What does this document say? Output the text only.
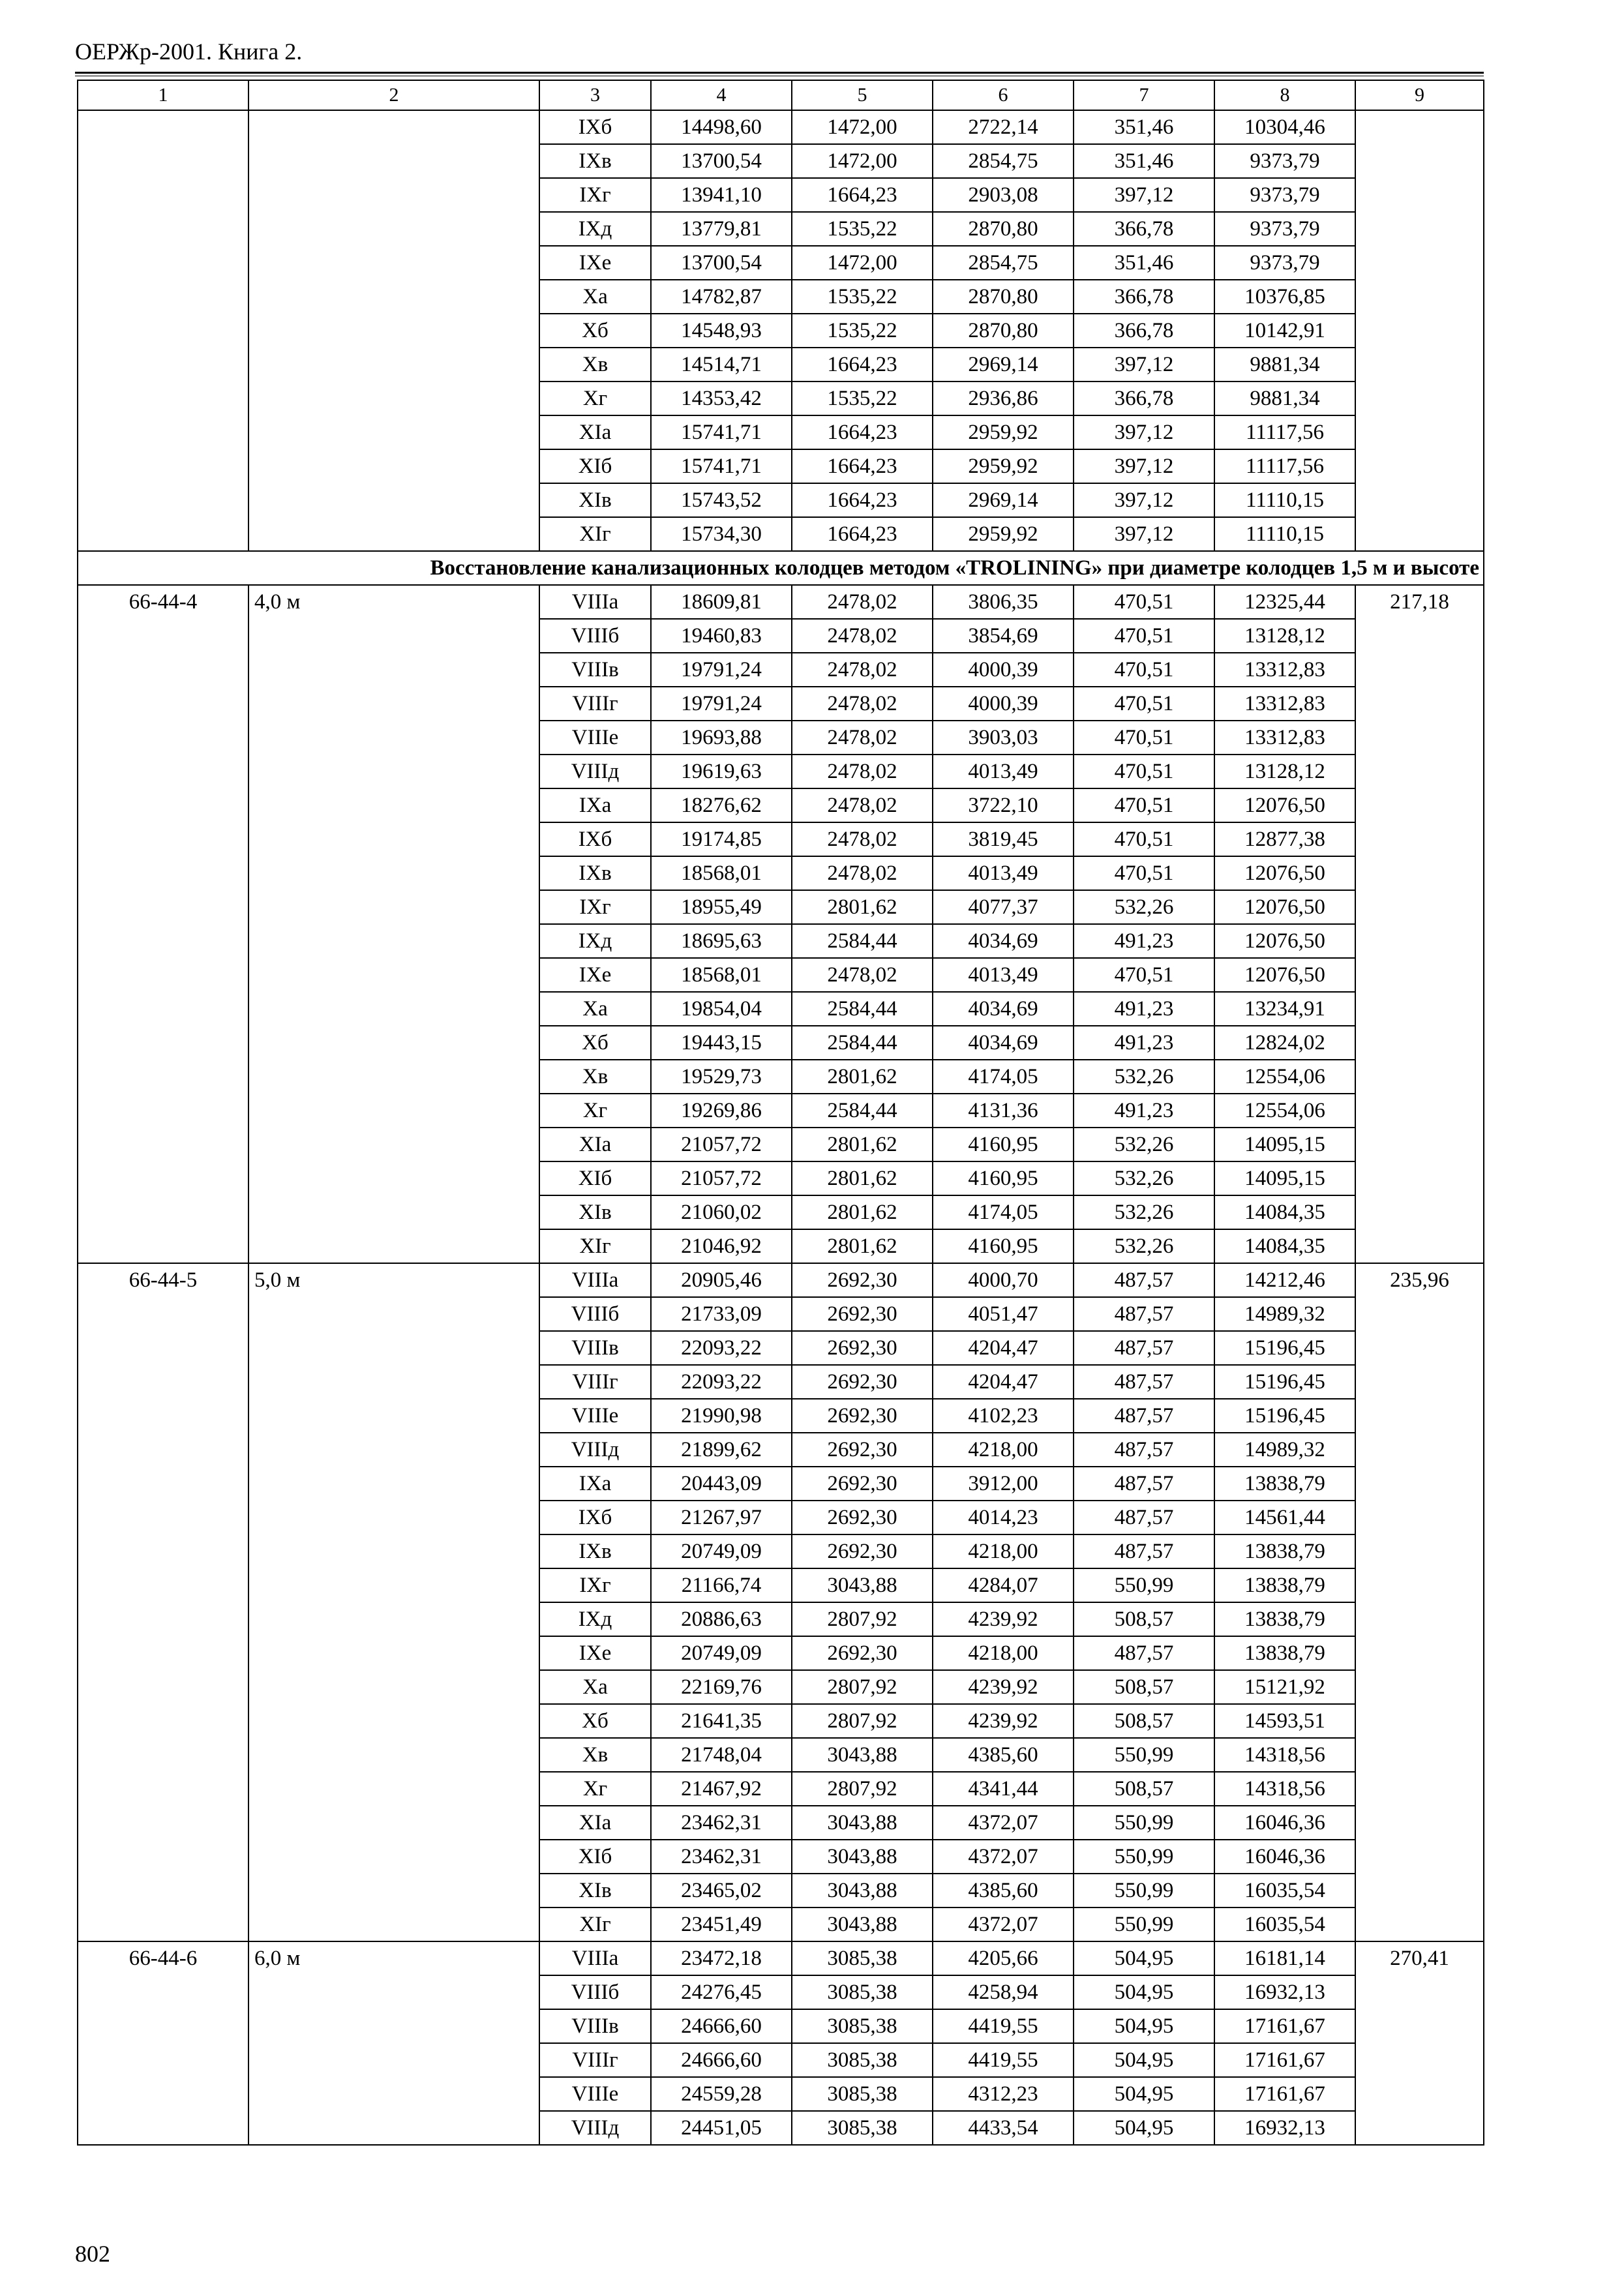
ОЕРЖр-2001. Книга 2.
1	2	3	4	5	6	7	8	9
		IХб	14498,60	1472,00	2722,14	351,46	10304,46	
		IХв	13700,54	1472,00	2854,75	351,46	9373,79	
		IХг	13941,10	1664,23	2903,08	397,12	9373,79	
		IХд	13779,81	1535,22	2870,80	366,78	9373,79	
		IХе	13700,54	1472,00	2854,75	351,46	9373,79	
		Ха	14782,87	1535,22	2870,80	366,78	10376,85	
		Хб	14548,93	1535,22	2870,80	366,78	10142,91	
		Хв	14514,71	1664,23	2969,14	397,12	9881,34	
		Хг	14353,42	1535,22	2936,86	366,78	9881,34	
		ХIа	15741,71	1664,23	2959,92	397,12	11117,56	
		ХIб	15741,71	1664,23	2959,92	397,12	11117,56	
		ХIв	15743,52	1664,23	2969,14	397,12	11110,15	
		ХIг	15734,30	1664,23	2959,92	397,12	11110,15	
Восстановление канализационных колодцев методом «TROLINING» при диаметре колодцев 1,5 м и высоте								
66-44-4	4,0 м	VIIIа	18609,81	2478,02	3806,35	470,51	12325,44	217,18
		VIIIб	19460,83	2478,02	3854,69	470,51	13128,12	
		VIIIв	19791,24	2478,02	4000,39	470,51	13312,83	
		VIIIг	19791,24	2478,02	4000,39	470,51	13312,83	
		VIIIе	19693,88	2478,02	3903,03	470,51	13312,83	
		VIIIд	19619,63	2478,02	4013,49	470,51	13128,12	
		IХа	18276,62	2478,02	3722,10	470,51	12076,50	
		IХб	19174,85	2478,02	3819,45	470,51	12877,38	
		IХв	18568,01	2478,02	4013,49	470,51	12076,50	
		IХг	18955,49	2801,62	4077,37	532,26	12076,50	
		IХд	18695,63	2584,44	4034,69	491,23	12076,50	
		IХе	18568,01	2478,02	4013,49	470,51	12076,50	
		Ха	19854,04	2584,44	4034,69	491,23	13234,91	
		Хб	19443,15	2584,44	4034,69	491,23	12824,02	
		Хв	19529,73	2801,62	4174,05	532,26	12554,06	
		Хг	19269,86	2584,44	4131,36	491,23	12554,06	
		ХIа	21057,72	2801,62	4160,95	532,26	14095,15	
		ХIб	21057,72	2801,62	4160,95	532,26	14095,15	
		ХIв	21060,02	2801,62	4174,05	532,26	14084,35	
		ХIг	21046,92	2801,62	4160,95	532,26	14084,35	
66-44-5	5,0 м	VIIIа	20905,46	2692,30	4000,70	487,57	14212,46	235,96
		VIIIб	21733,09	2692,30	4051,47	487,57	14989,32	
		VIIIв	22093,22	2692,30	4204,47	487,57	15196,45	
		VIIIг	22093,22	2692,30	4204,47	487,57	15196,45	
		VIIIе	21990,98	2692,30	4102,23	487,57	15196,45	
		VIIIд	21899,62	2692,30	4218,00	487,57	14989,32	
		IХа	20443,09	2692,30	3912,00	487,57	13838,79	
		IХб	21267,97	2692,30	4014,23	487,57	14561,44	
		IХв	20749,09	2692,30	4218,00	487,57	13838,79	
		IХг	21166,74	3043,88	4284,07	550,99	13838,79	
		IХд	20886,63	2807,92	4239,92	508,57	13838,79	
		IХе	20749,09	2692,30	4218,00	487,57	13838,79	
		Ха	22169,76	2807,92	4239,92	508,57	15121,92	
		Хб	21641,35	2807,92	4239,92	508,57	14593,51	
		Хв	21748,04	3043,88	4385,60	550,99	14318,56	
		Хг	21467,92	2807,92	4341,44	508,57	14318,56	
		ХIа	23462,31	3043,88	4372,07	550,99	16046,36	
		ХIб	23462,31	3043,88	4372,07	550,99	16046,36	
		ХIв	23465,02	3043,88	4385,60	550,99	16035,54	
		ХIг	23451,49	3043,88	4372,07	550,99	16035,54	
66-44-6	6,0 м	VIIIа	23472,18	3085,38	4205,66	504,95	16181,14	270,41
		VIIIб	24276,45	3085,38	4258,94	504,95	16932,13	
		VIIIв	24666,60	3085,38	4419,55	504,95	17161,67	
		VIIIг	24666,60	3085,38	4419,55	504,95	17161,67	
		VIIIе	24559,28	3085,38	4312,23	504,95	17161,67	
		VIIIд	24451,05	3085,38	4433,54	504,95	16932,13	
802
